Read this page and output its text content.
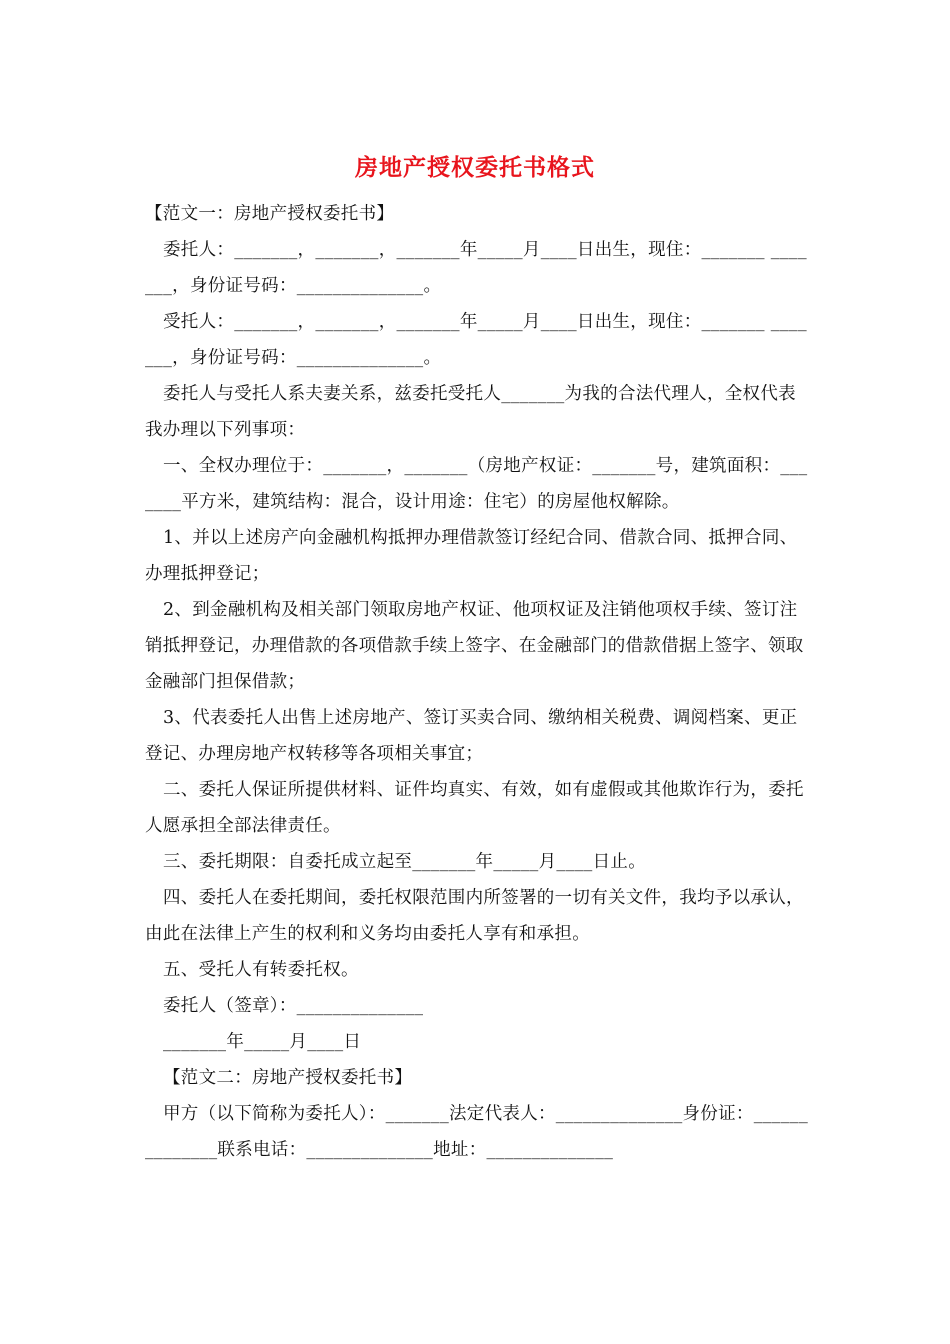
房地产授权委托书格式

【范文一：房地产授权委托书】

委托人：_______，_______，_______年_____月____日出生，现住：_______ _______，身份证号码：______________。

受托人：_______，_______，_______年_____月____日出生，现住：_______ _______，身份证号码：______________。

委托人与受托人系夫妻关系，兹委托受托人_______为我的合法代理人，全权代表我办理以下列事项：

一、全权办理位于：_______，_______（房地产权证：_______号，建筑面积：_______平方米，建筑结构：混合，设计用途：住宅）的房屋他权解除。

1、并以上述房产向金融机构抵押办理借款签订经纪合同、借款合同、抵押合同、办理抵押登记；

2、到金融机构及相关部门领取房地产权证、他项权证及注销他项权手续、签订注销抵押登记，办理借款的各项借款手续上签字、在金融部门的借款借据上签字、领取金融部门担保借款；

3、代表委托人出售上述房地产、签订买卖合同、缴纳相关税费、调阅档案、更正登记、办理房地产权转移等各项相关事宜；

二、委托人保证所提供材料、证件均真实、有效，如有虚假或其他欺诈行为，委托人愿承担全部法律责任。

三、委托期限：自委托成立起至_______年_____月____日止。

四、委托人在委托期间，委托权限范围内所签署的一切有关文件，我均予以承认，由此在法律上产生的权利和义务均由委托人享有和承担。

五、受托人有转委托权。

委托人（签章）：______________

_______年_____月____日

【范文二：房地产授权委托书】

甲方（以下简称为委托人）：_______法定代表人：______________身份证：______________联系电话：______________地址：______________
